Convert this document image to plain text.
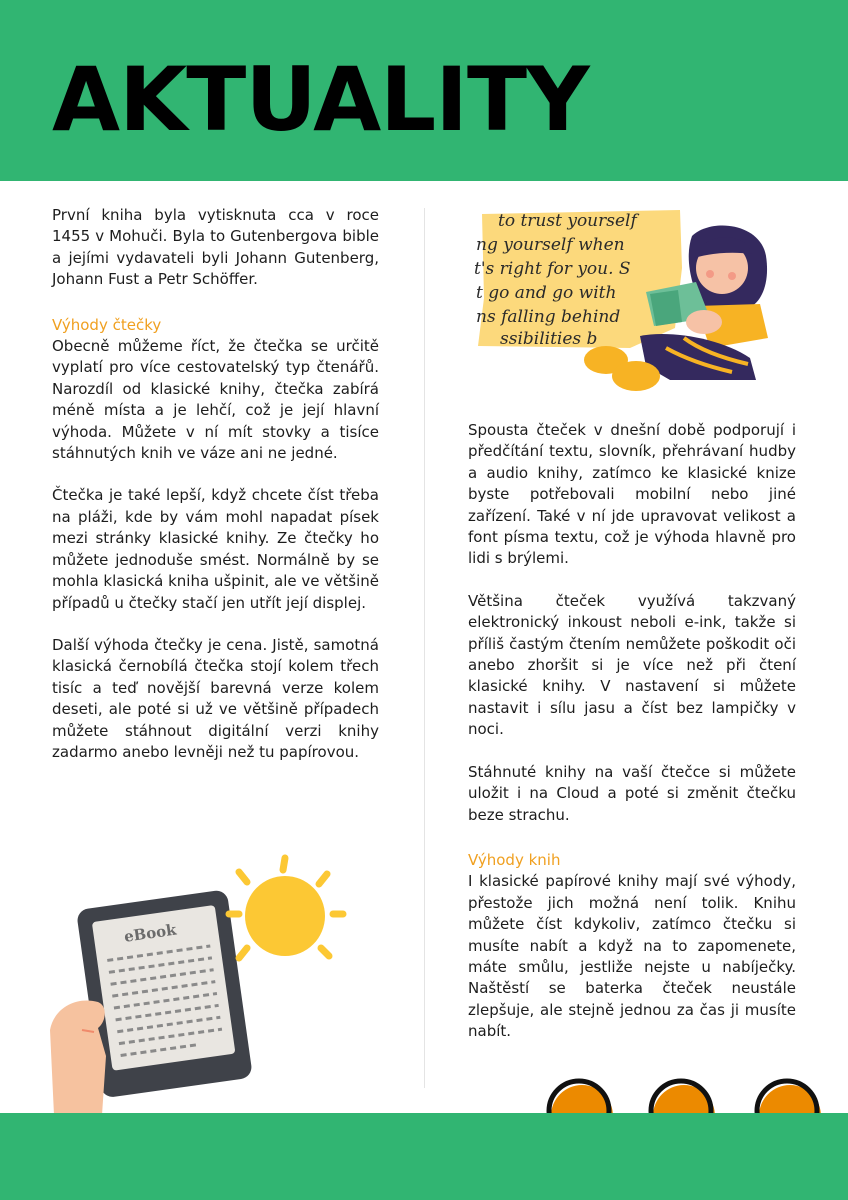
AKTUALITY

První kniha byla vytisknuta cca v roce 1455 v Mohuči. Byla to Gutenbergova bible a jejími vydavateli byli Johann Gutenberg, Johann Fust a Petr Schöffer.

Výhody čtečky

Obecně můžeme říct, že čtečka se určitě vyplatí pro více cestovatelský typ čtenářů. Narozdíl od klasické knihy, čtečka zabírá méně místa a je lehčí, což je její hlavní výhoda. Můžete v ní mít stovky a tisíce stáhnutých knih ve váze ani ne jedné.

Čtečka je také lepší, když chcete číst třeba na pláži, kde by vám mohl napadat písek mezi stránky klasické knihy. Ze čtečky ho můžete jednoduše smést. Normálně by se mohla klasická kniha ušpinit, ale ve většině případů u čtečky stačí jen utřít její displej.

Další výhoda čtečky je cena. Jistě, samotná klasická černobílá čtečka stojí kolem třech tisíc a teď novější barevná verze kolem deseti, ale poté si už ve většině případech můžete stáhnout digitální verzi knihy zadarmo anebo levněji než tu papírovou.

Spousta čteček v dnešní době podporují i předčítání textu, slovník, přehrávaní hudby a audio knihy, zatímco ke klasické knize byste potřebovali mobilní nebo jiné zařízení. Také v ní jde upravovat velikost a font písma textu, což je výhoda hlavně pro lidi s brýlemi.

Většina čteček využívá takzvaný elektronický inkoust neboli e-ink, takže si příliš častým čtením nemůžete poškodit oči anebo zhoršit si je více než při čtení klasické knihy. V nastavení si můžete nastavit i sílu jasu a číst bez lampičky v noci.

Stáhnuté knihy na vaší čtečce si můžete uložit i na Cloud a poté si změnit čtečku beze strachu.

Výhody knih

I klasické papírové knihy mají své výhody, přestože jich možná není tolik. Knihu můžete číst kdykoliv, zatímco čtečku si musíte nabít a když na to zapomenete, máte smůlu, jestliže nejste u nabíječky. Naštěstí se baterka čteček neustále zlepšuje, ale stejně jednou za čas ji musíte nabít.

to trust yourself
ng yourself when
t's right for you. S
t go and go with
ns falling behind
ssibilities b
eBook
